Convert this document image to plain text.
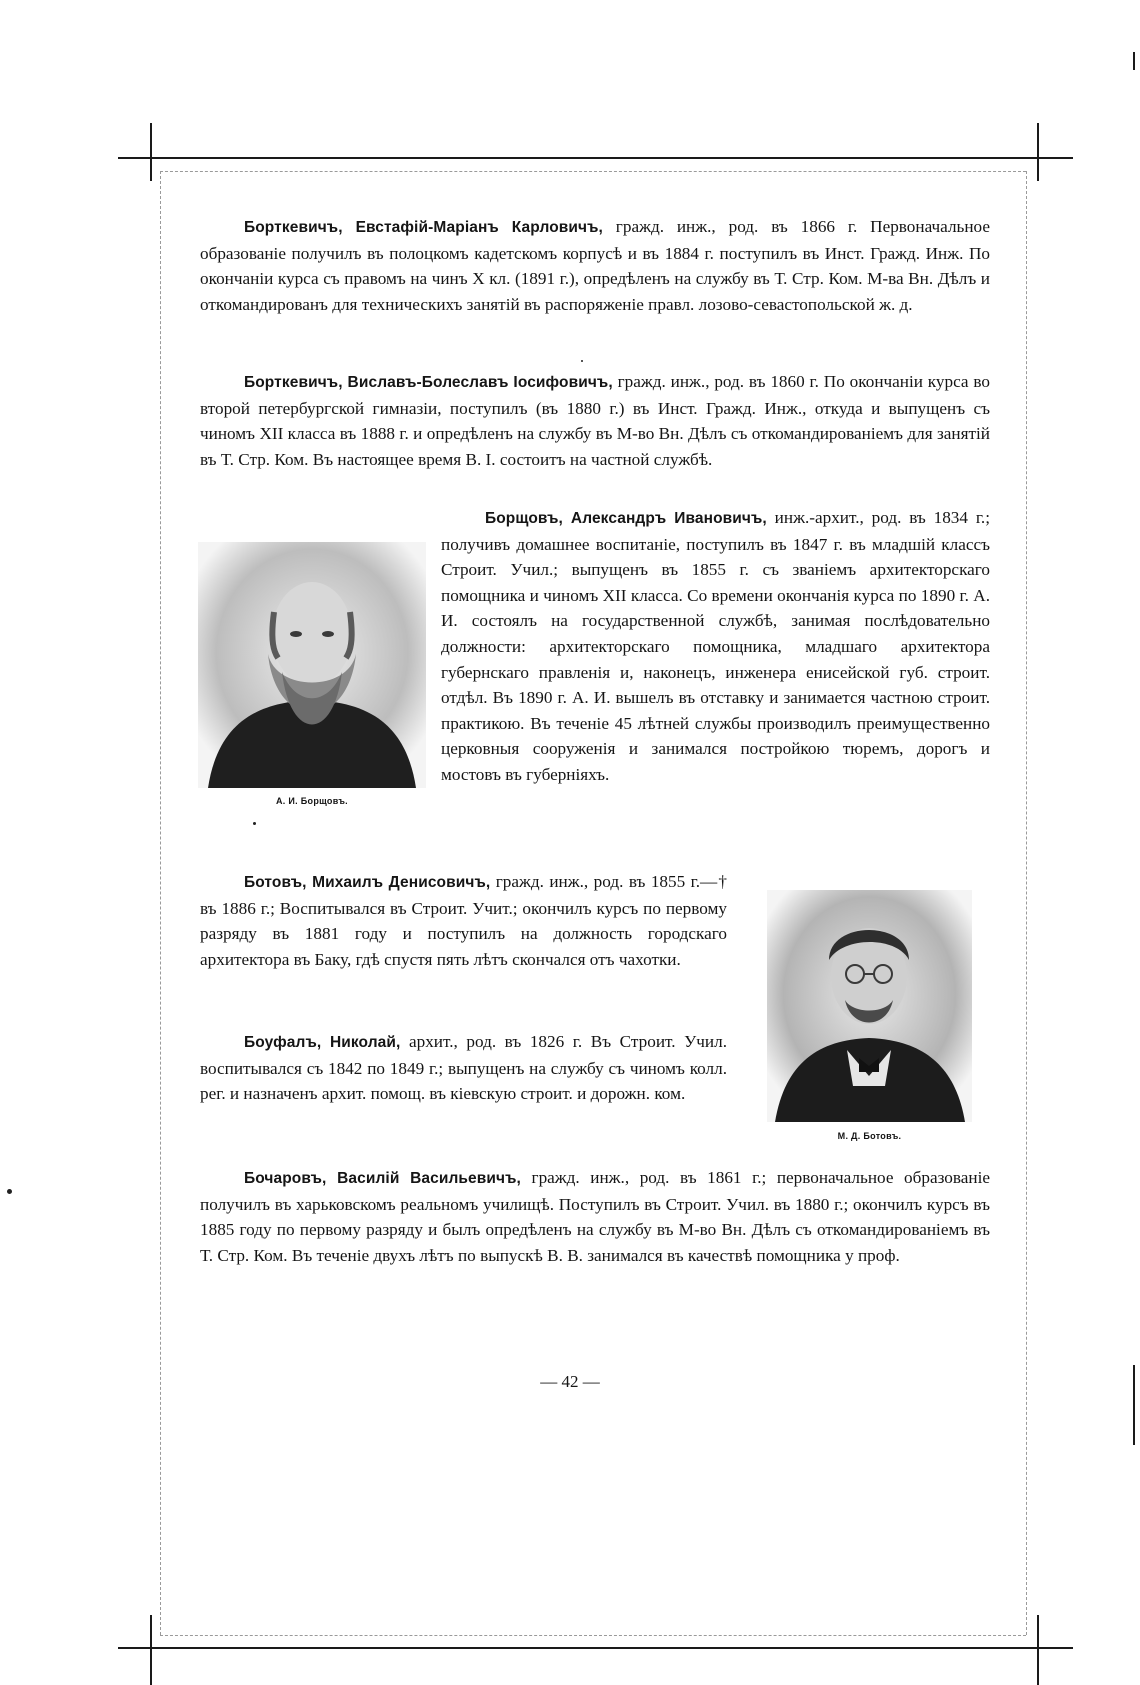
Борткевичъ, Евстафій-Маріанъ Карловичъ, гражд. инж., род. въ 1866 г. Первоначальное образованіе получилъ въ полоцкомъ кадетскомъ корпусѣ и въ 1884 г. поступилъ въ Инст. Гражд. Инж. По окончаніи курса съ правомъ на чинъ X кл. (1891 г.), опредѣленъ на службу въ Т. Стр. Ком. М-ва Вн. Дѣлъ и откомандированъ для техническихъ занятій въ распоряженіе правл. лозово-севастопольской ж. д.
Борткевичъ, Виславъ-Болеславъ Іосифовичъ, гражд. инж., род. въ 1860 г. По окончаніи курса во второй петербургской гимназіи, поступилъ (въ 1880 г.) въ Инст. Гражд. Инж., откуда и выпущенъ съ чиномъ XII класса въ 1888 г. и опредѣленъ на службу въ М-во Вн. Дѣлъ съ откомандированіемъ для занятій въ Т. Стр. Ком. Въ настоящее время В. І. состоитъ на частной службѣ.
А. И. Борщовъ.
Борщовъ, Александръ Ивановичъ, инж.-архит., род. въ 1834 г.; получивъ домашнее воспитаніе, поступилъ въ 1847 г. въ младшій классъ Строит. Учил.; выпущенъ въ 1855 г. съ званіемъ архитекторскаго помощника и чиномъ XII класса. Со времени окончанія курса по 1890 г. А. И. состоялъ на государственной службѣ, занимая послѣдовательно должности: архитекторскаго помощника, младшаго архитектора губернскаго правленія и, наконецъ, инженера енисейской губ. строит. отдѣл. Въ 1890 г. А. И. вышелъ въ отставку и занимается частною строит. практикою. Въ теченіе 45 лѣтней службы производилъ преимущественно церковныя сооруженія и занимался постройкою тюремъ, дорогъ и мостовъ въ губерніяхъ.
Ботовъ, Михаилъ Денисовичъ, гражд. инж., род. въ 1855 г.—† въ 1886 г.; Воспитывался въ Строит. Учит.; окончилъ курсъ по первому разряду въ 1881 году и поступилъ на должность городскаго архитектора въ Баку, гдѣ спустя пять лѣтъ скончался отъ чахотки.
Боуфалъ, Николай, архит., род. въ 1826 г. Въ Строит. Учил. воспитывался съ 1842 по 1849 г.; выпущенъ на службу съ чиномъ колл. рег. и назначенъ архит. помощ. въ кіевскую строит. и дорожн. ком.
М. Д. Ботовъ.
Бочаровъ, Василій Васильевичъ, гражд. инж., род. въ 1861 г.; первоначальное образованіе получилъ въ харьковскомъ реальномъ училищѣ. Поступилъ въ Строит. Учил. въ 1880 г.; окончилъ курсъ въ 1885 году по первому разряду и былъ опредѣленъ на службу въ М-во Вн. Дѣлъ съ откомандированіемъ въ Т. Стр. Ком. Въ теченіе двухъ лѣтъ по выпускѣ В. В. занимался въ качествѣ помощника у проф.
— 42 —
